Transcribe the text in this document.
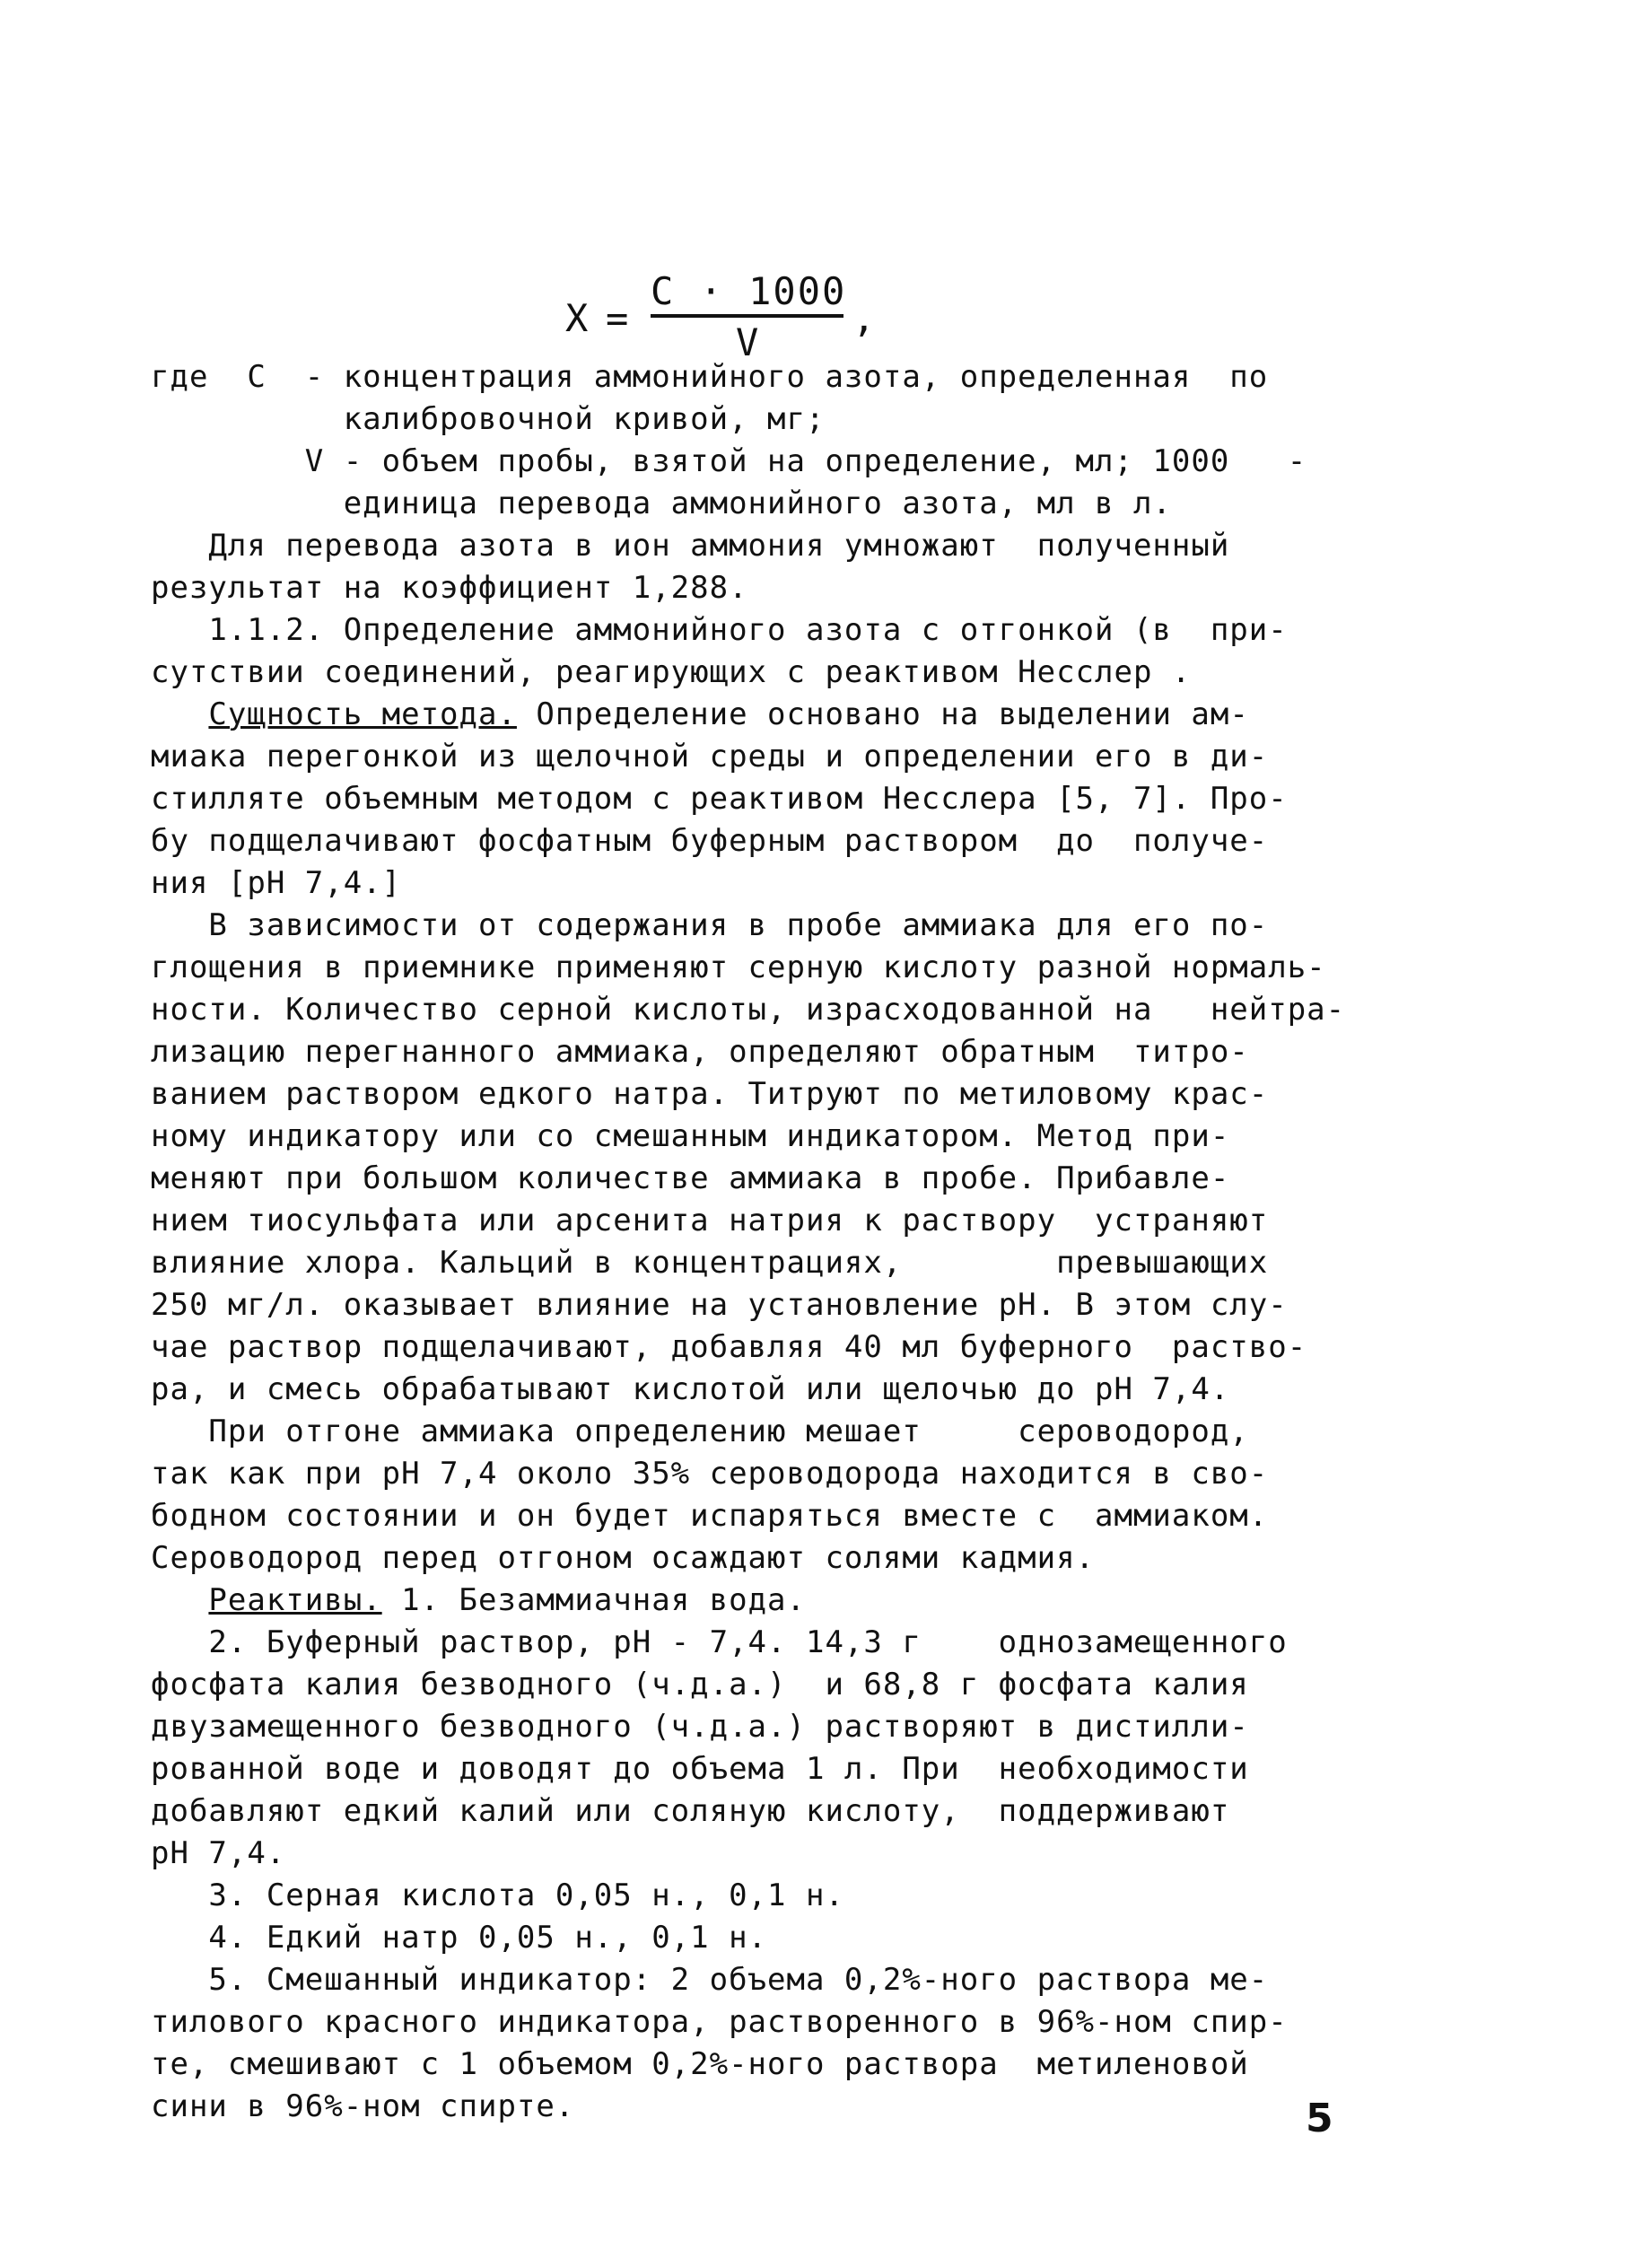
X =
C · 1000
V
,
где  C  - концентрация аммонийного азота, определенная  по
калибровочной кривой, мг;
V - объем пробы, взятой на определение, мл; 1000   -
единица перевода аммонийного азота, мл в л.
Для перевода азота в ион аммония умножают  полученный
результат на коэффициент 1,288.
1.1.2. Определение аммонийного азота с отгонкой (в  при-
сутствии соединений, реагирующих с реактивом Несслер .
Сущность метода. Определение основано на выделении ам-
миака перегонкой из щелочной среды и определении его в ди-
стилляте объемным методом с реактивом Несслера [5, 7]. Про-
бу подщелачивают фосфатным буферным раствором  до  получе-
ния [pH 7,4.]
В зависимости от содержания в пробе аммиака для его по-
глощения в приемнике применяют серную кислоту разной нормаль-
ности. Количество серной кислоты, израсходованной на   нейтра-
лизацию перегнанного аммиака, определяют обратным  титро-
ванием раствором едкого натра. Титруют по метиловому крас-
ному индикатору или со смешанным индикатором. Метод при-
меняют при большом количестве аммиака в пробе. Прибавле-
нием тиосульфата или арсенита натрия к раствору  устраняют
влияние хлора. Кальций в концентрациях,        превышающих
250 мг/л. оказывает влияние на установление pH. В этом слу-
чае раствор подщелачивают, добавляя 40 мл буферного  раство-
ра, и смесь обрабатывают кислотой или щелочью до pH 7,4.
При отгоне аммиака определению мешает     сероводород,
так как при pH 7,4 около 35% сероводорода находится в сво-
бодном состоянии и он будет испаряться вместе с  аммиаком.
Сероводород перед отгоном осаждают солями кадмия.
Реактивы. 1. Безаммиачная вода.
2. Буферный раствор, pH - 7,4. 14,3 г    однозамещенного
фосфата калия безводного (ч.д.а.)  и 68,8 г фосфата калия
двузамещенного безводного (ч.д.а.) растворяют в дистилли-
рованной воде и доводят до объема 1 л. При  необходимости
добавляют едкий калий или соляную кислоту,  поддерживают
pH 7,4.
3. Серная кислота 0,05 н., 0,1 н.
4. Едкий натр 0,05 н., 0,1 н.
5. Смешанный индикатор: 2 объема 0,2%-ного раствора ме-
тилового красного индикатора, растворенного в 96%-ном спир-
те, смешивают с 1 объемом 0,2%-ного раствора  метиленовой
сини в 96%-ном спирте.	5
